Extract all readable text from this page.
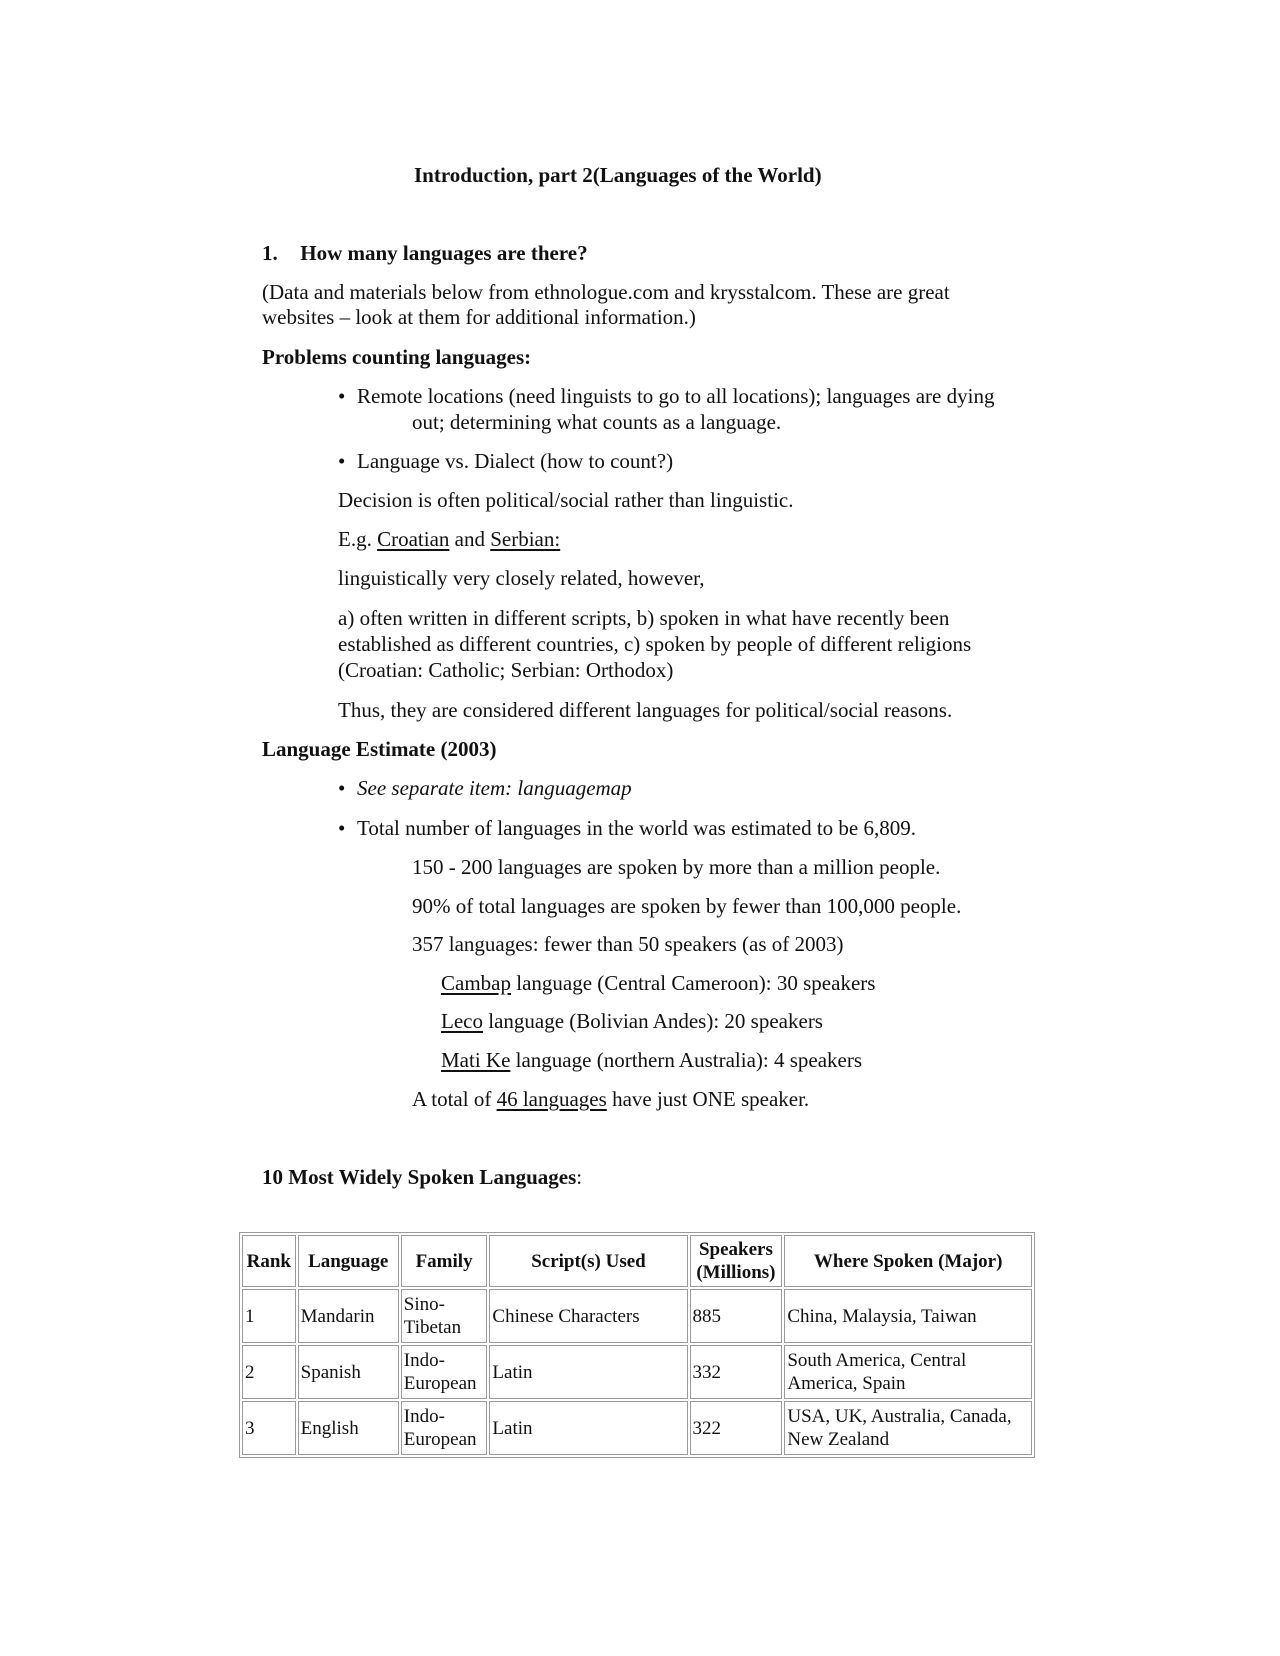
Introduction, part 2(Languages of the World)
1. How many languages are there?
(Data and materials below from ethnologue.com and krysstalcom. These are great
websites – look at them for additional information.)
Problems counting languages:
• Remote locations (need linguists to go to all locations); languages are dying
out; determining what counts as a language.
• Language vs. Dialect (how to count?)
Decision is often political/social rather than linguistic.
E.g. Croatian and Serbian:
linguistically very closely related, however,
a) often written in different scripts, b) spoken in what have recently been
established as different countries, c) spoken by people of different religions
(Croatian: Catholic; Serbian: Orthodox)
Thus, they are considered different languages for political/social reasons.
Language Estimate (2003)
• See separate item: languagemap
• Total number of languages in the world was estimated to be 6,809.
150 - 200 languages are spoken by more than a million people.
90% of total languages are spoken by fewer than 100,000 people.
357 languages: fewer than 50 speakers (as of 2003)
Cambap language (Central Cameroon): 30 speakers
Leco language (Bolivian Andes): 20 speakers
Mati Ke language (northern Australia): 4 speakers
A total of 46 languages have just ONE speaker.
10 Most Widely Spoken Languages:
Rank	Language	Family	Script(s) Used	Speakers (Millions)	Where Spoken (Major)
1	Mandarin	Sino-Tibetan	Chinese Characters	885	China, Malaysia, Taiwan
2	Spanish	Indo-European	Latin	332	South America, Central America, Spain
3	English	Indo-European	Latin	322	USA, UK, Australia, Canada, New Zealand
